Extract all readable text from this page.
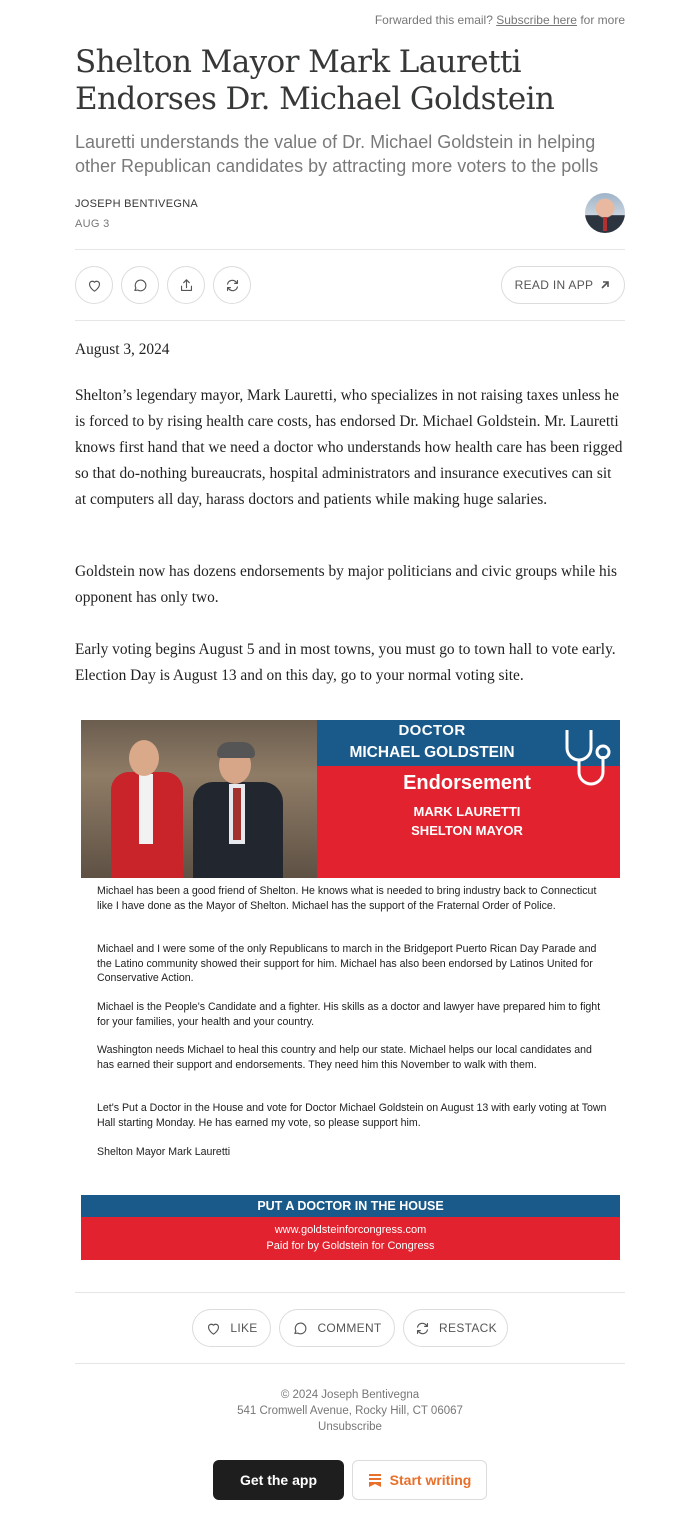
Forwarded this email? Subscribe here for more
Shelton Mayor Mark Lauretti Endorses Dr. Michael Goldstein
Lauretti understands the value of Dr. Michael Goldstein in helping other Republican candidates by attracting more voters to the polls
JOSEPH BENTIVEGNA
AUG 3
READ IN APP
August 3, 2024
Shelton’s legendary mayor, Mark Lauretti, who specializes in not raising taxes unless he is forced to by rising health care costs, has endorsed Dr. Michael Goldstein. Mr. Lauretti knows first hand that we need a doctor who understands how health care has been rigged so that do-nothing bureaucrats, hospital administrators and insurance executives can sit at computers all day, harass doctors and patients while making huge salaries.
Goldstein now has dozens endorsements by major politicians and civic groups while his opponent has only two.
Early voting begins August 5 and in most towns, you must go to town hall to vote early. Election Day is August 13 and on this day, go to your normal voting site.
DOCTOR
MICHAEL GOLDSTEIN
Endorsement
MARK LAURETTI
SHELTON MAYOR
Michael has been a good friend of Shelton. He knows what is needed to bring industry back to Connecticut like I have done as the Mayor of Shelton. Michael has the support of the Fraternal Order of Police.
Michael and I were some of the only Republicans to march in the Bridgeport Puerto Rican Day Parade and the Latino community showed their support for him. Michael has also been endorsed by Latinos United for Conservative Action.
Michael is the People's Candidate and a fighter. His skills as a doctor and lawyer have prepared him to fight for your families, your health and your country.
Washington needs Michael to heal this country and help our state. Michael helps our local candidates and has earned their support and endorsements. They need him this November to walk with them.
Let's Put a Doctor in the House and vote for Doctor Michael Goldstein on August 13 with early voting at Town Hall starting Monday. He has earned my vote, so please support him.
Shelton Mayor Mark Lauretti
PUT A DOCTOR IN THE HOUSE
www.goldsteinforcongress.com
Paid for by Goldstein for Congress
LIKE	COMMENT	RESTACK
© 2024 Joseph Bentivegna
541 Cromwell Avenue, Rocky Hill, CT 06067
Unsubscribe
Get the app	Start writing
